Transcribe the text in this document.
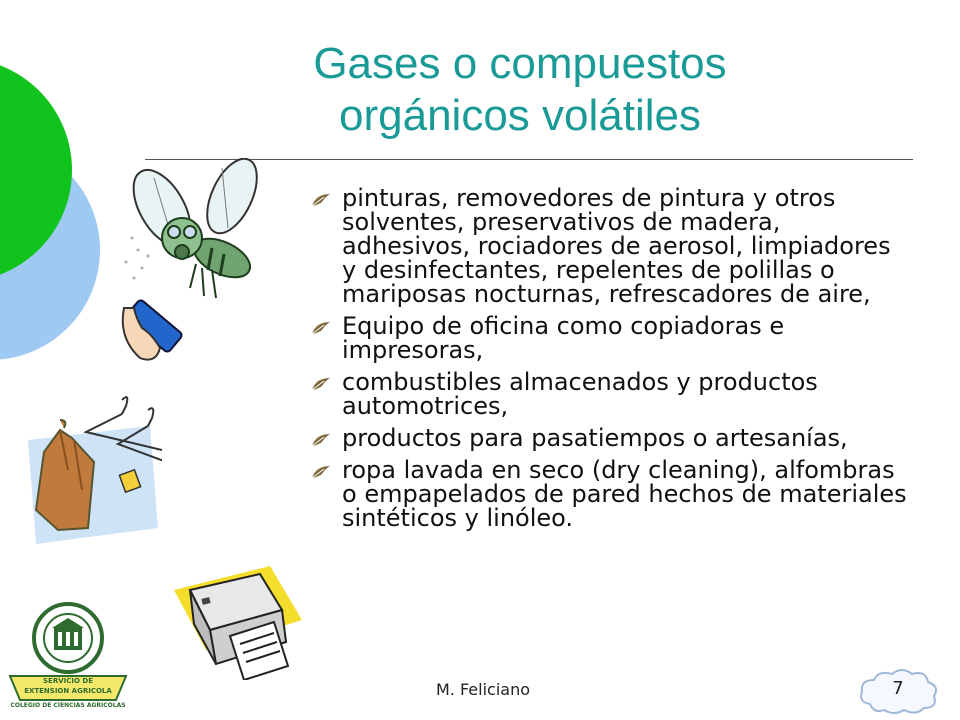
Gases o compuestos
orgánicos volátiles
pinturas, removedores de pintura y otros solventes, preservativos de madera, adhesivos, rociadores de aerosol, limpiadores y desinfectantes, repelentes de polillas o mariposas nocturnas, refrescadores de aire,
Equipo de oficina como copiadoras e impresoras,
combustibles almacenados y productos automotrices,
productos para pasatiempos o artesanías,
ropa lavada en seco (dry cleaning), alfombras o empapelados de pared hechos de materiales sintéticos y linóleo.
SERVICIO DE
EXTENSION AGRICOLA
COLEGIO DE CIENCIAS AGRICOLAS
M. Feliciano	7
